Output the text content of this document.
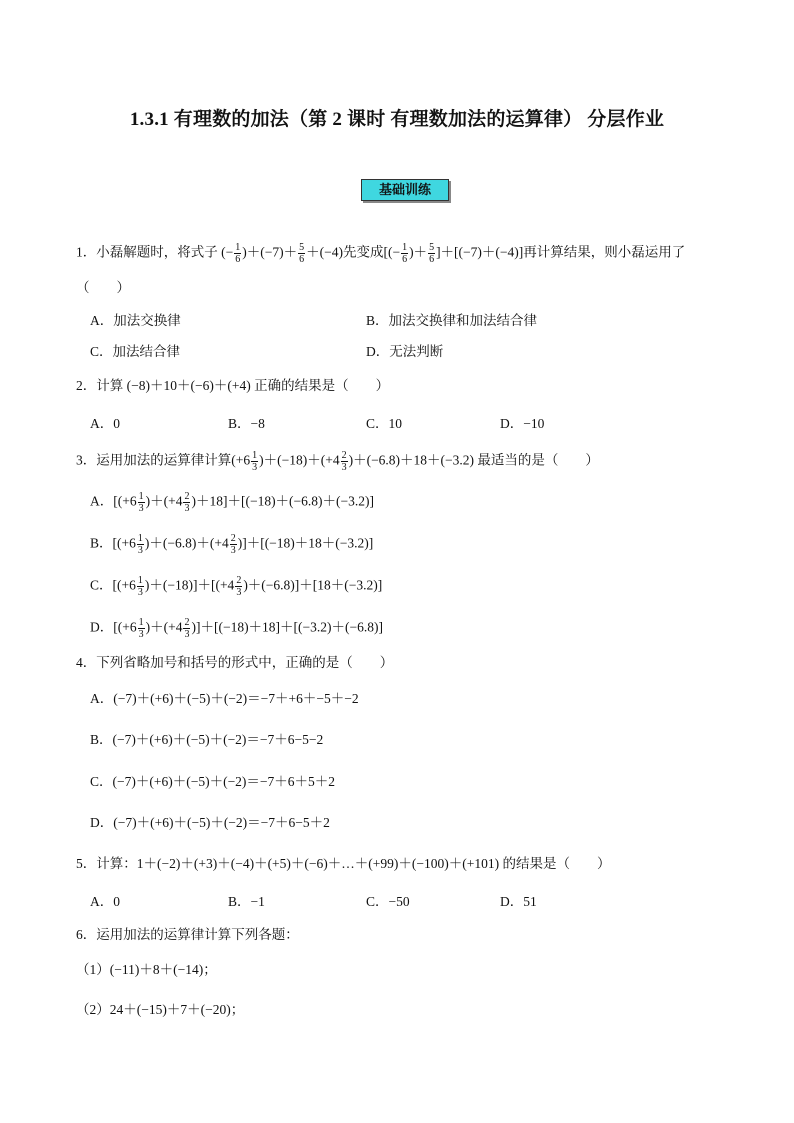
1.3.1 有理数的加法（第 2 课时 有理数加法的运算律） 分层作业
基础训练
1．小磊解题时，将式子 (− $\frac{1}{6} )+(-7)+ \frac{5}{6} +(-4)$先变成[(− $\frac{1}{6}$ )＋ $\frac{5}{6} ]+[(-7)+(-4)]$再计算结果，则小磊运用了
（　　）
A．加法交换律	B．加法交换律和加法结合律
C．加法结合律	D．无法判断
2．计算 (−8)＋10＋(−6)＋(+4) 正确的结果是（　　）
A．0	B．−8	C．10	D．−10
3．运用加法的运算律计算$(+6 \frac{1}{3} )+(-18)+(+4 \frac{2}{3} )+(-6.8)+18+(-3.2)$ 最适当的是（　　）
A．$[(+6 \frac{1}{3} )+(+4 \frac{2}{3} )+18]+[(-18)+(-6.8)+(-3.2)]$
B．$[(+6 \frac{1}{3} )+(-6.8)+(+4 \frac{2}{3} )]+[(-18)+18+(-3.2)]$
C．$[(+6 \frac{1}{3} )+(-18)]+[(+4 \frac{2}{3} )+(-6.8)]+[18+(-3.2)]$
D．$[(+6 \frac{1}{3} )+(+4 \frac{2}{3} )]+[(-18)+18]+[(-3.2)+(-6.8)]$
4．下列省略加号和括号的形式中，正确的是（　　）
A．(−7)＋(+6)＋(−5)＋(−2)＝−7＋+6＋−5＋−2
B．(−7)＋(+6)＋(−5)＋(−2)＝−7＋6−5−2
C．(−7)＋(+6)＋(−5)＋(−2)＝−7＋6＋5＋2
D．(−7)＋(+6)＋(−5)＋(−2)＝−7＋6−5＋2
5．计算：1＋(−2)＋(+3)＋(−4)＋(+5)＋(−6)＋…＋(+99)＋(−100)＋(+101) 的结果是（　　）
A．0	B．−1	C．−50	D．51
6．运用加法的运算律计算下列各题：
（1）(−11)＋8＋(−14)；
（2）24＋(−15)＋7＋(−20)；
